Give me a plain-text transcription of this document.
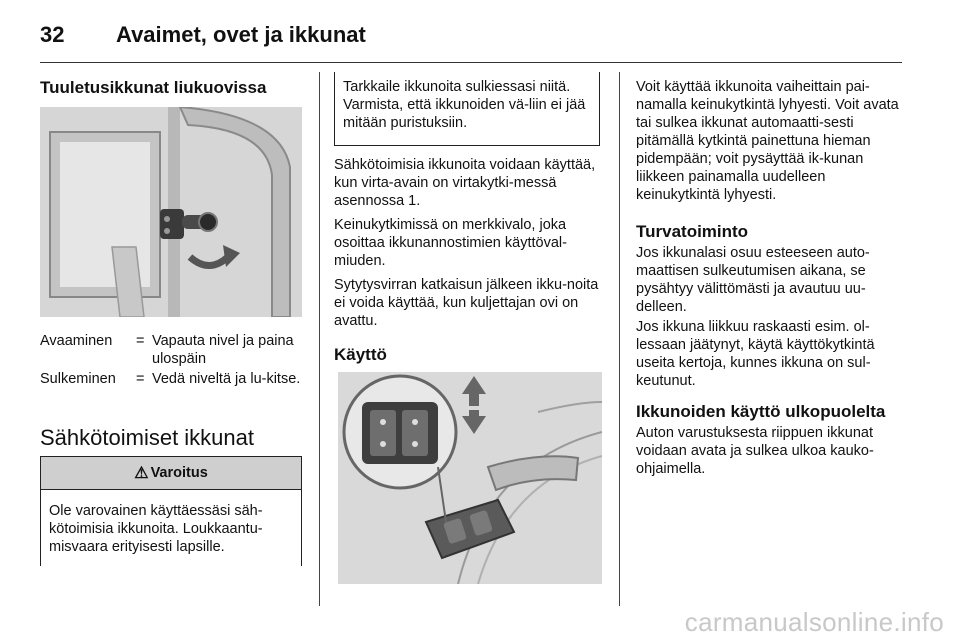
32 Avaimet, ovet ja ikkunat
Tuuletusikkunat liukuovissa
Avaaminen	= Vapauta nivel ja paina ulospäin
Sulkeminen	= Vedä niveltä ja lu-kitse.
Sähkötoimiset ikkunat
⚠ Varoitus
Ole varovainen käyttäessäsi säh-kötoimisia ikkunoita. Loukkaantu-misvaara erityisesti lapsille.
Tarkkaile ikkunoita sulkiessasi niitä. Varmista, että ikkunoiden vä-liin ei jää mitään puristuksiin.
Sähkötoimisia ikkunoita voidaan käyttää, kun virta-avain on virtakytki-messä asennossa 1.
Keinukytkimissä on merkkivalo, joka osoittaa ikkunannostimien käyttöval-miuden.
Sytytysvirran katkaisun jälkeen ikku-noita ei voida käyttää, kun kuljettajan ovi on avattu.
Käyttö
Voit käyttää ikkunoita vaiheittain pai-namalla keinukytkintä lyhyesti. Voit avata tai sulkea ikkunat automaatti-sesti pitämällä kytkintä painettuna hieman pidempään; voit pysäyttää ik-kunan liikkeen painamalla uudelleen keinukytkintä lyhyesti.
Turvatoiminto
Jos ikkunalasi osuu esteeseen auto-maattisen sulkeutumisen aikana, se pysähtyy välittömästi ja avautuu uu-delleen.
Jos ikkuna liikkuu raskaasti esim. ol-lessaan jäätynyt, käytä käyttökytkintä useita kertoja, kunnes ikkuna on sul-keutunut.
Ikkunoiden käyttö ulkopuolelta
Auton varustuksesta riippuen ikkunat voidaan avata ja sulkea ulkoa kauko-ohjaimella.
carmanualsonline.info
